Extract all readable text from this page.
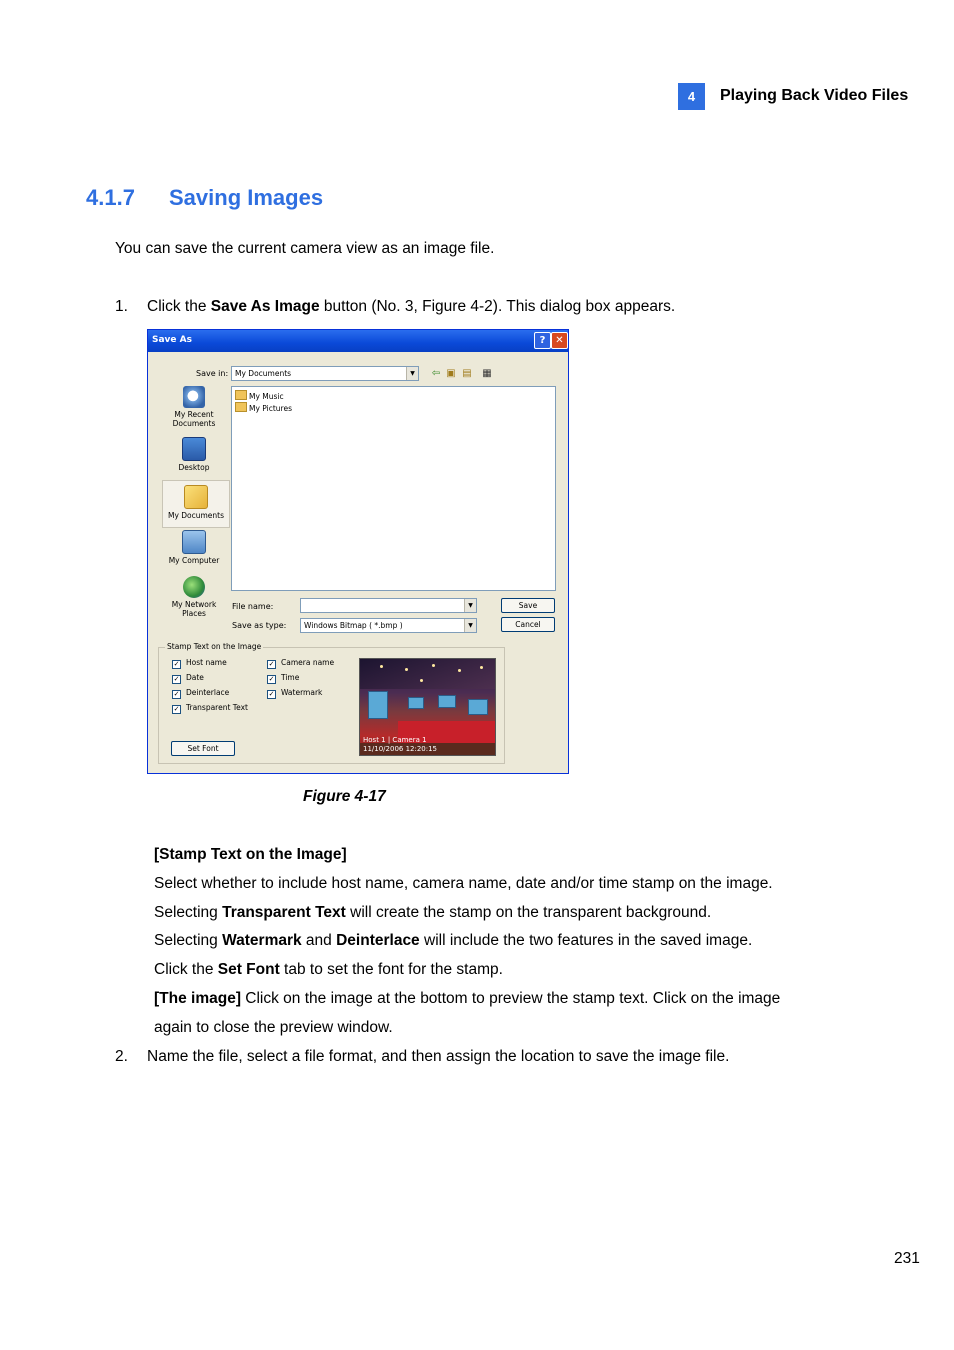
4	Playing Back Video Files
4.1.7 Saving Images
You can save the current camera view as an image file.
1. Click the Save As Image button (No. 3, Figure 4-2). This dialog box appears.
Save As	? ✕
Save in: My Documents	▼	⇦ ▣ ▤	▦
My Recent Documents
Desktop
My Documents
My Computer
My Network Places
My Music
My Pictures
File name:	▼	Save
Save as type: Windows Bitmap ( *.bmp )	▼	Cancel
Stamp Text on the Image
✓ Host name	✓ Camera name
✓ Date	✓ Time
✓ Deinterlace	✓ Watermark
✓ Transparent Text
Set Font
Host 1 | Camera 1
11/10/2006 12:20:15
Figure 4-17
[Stamp Text on the Image]
Select whether to include host name, camera name, date and/or time stamp on the image.
Selecting Transparent Text will create the stamp on the transparent background.
Selecting Watermark and Deinterlace will include the two features in the saved image.
Click the Set Font tab to set the font for the stamp.
[The image] Click on the image at the bottom to preview the stamp text. Click on the image
again to close the preview window.
2. Name the file, select a file format, and then assign the location to save the image file.
231
